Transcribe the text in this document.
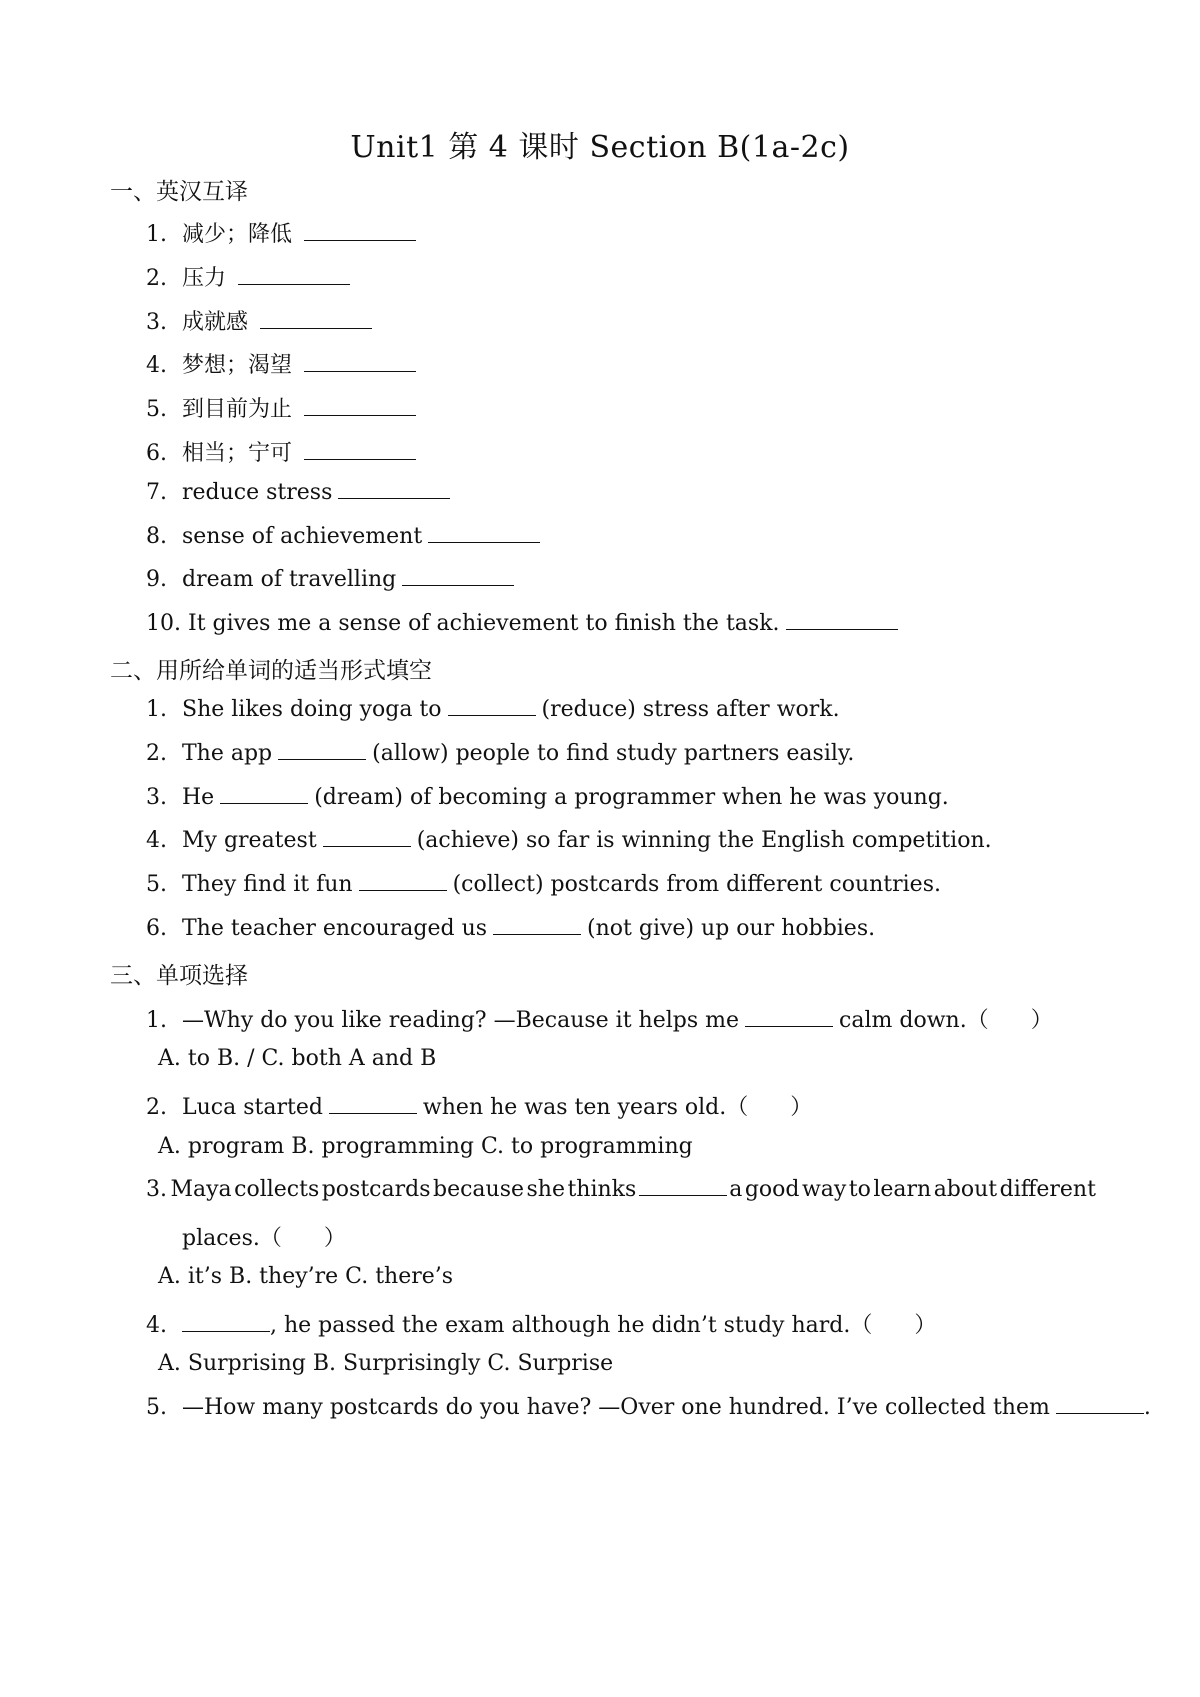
Unit1 第 4 课时 Section B(1a-2c)
一、英汉互译
1. 减少；降低
2. 压力
3. 成就感
4. 梦想；渴望
5. 到目前为止
6. 相当；宁可
7. reduce stress
8. sense of achievement
9. dream of travelling
10. It gives me a sense of achievement to finish the task.
二、用所给单词的适当形式填空
1. She likes doing yoga to	(reduce) stress after work.
2. The app	(allow) people to find study partners easily.
3. He	(dream) of becoming a programmer when he was young.
4. My greatest	(achieve) so far is winning the English competition.
5. They find it fun	(collect) postcards from different countries.
6. The teacher encouraged us	(not give) up our hobbies.
三、单项选择
1. —Why do you like reading? —Because it helps me	calm down.（ ）
A. to B. / C. both A and B
2. Luca started	when he was ten years old.（ ）
A. program B. programming C. to programming
3. Maya collects postcards because she thinks	a good way to learn about different
places.（ ）
A. it’s B. they’re C. there’s
4.	, he passed the exam although he didn’t study hard.（ ）
A. Surprising B. Surprisingly C. Surprise
5. —How many postcards do you have? —Over one hundred. I’ve collected them	.
